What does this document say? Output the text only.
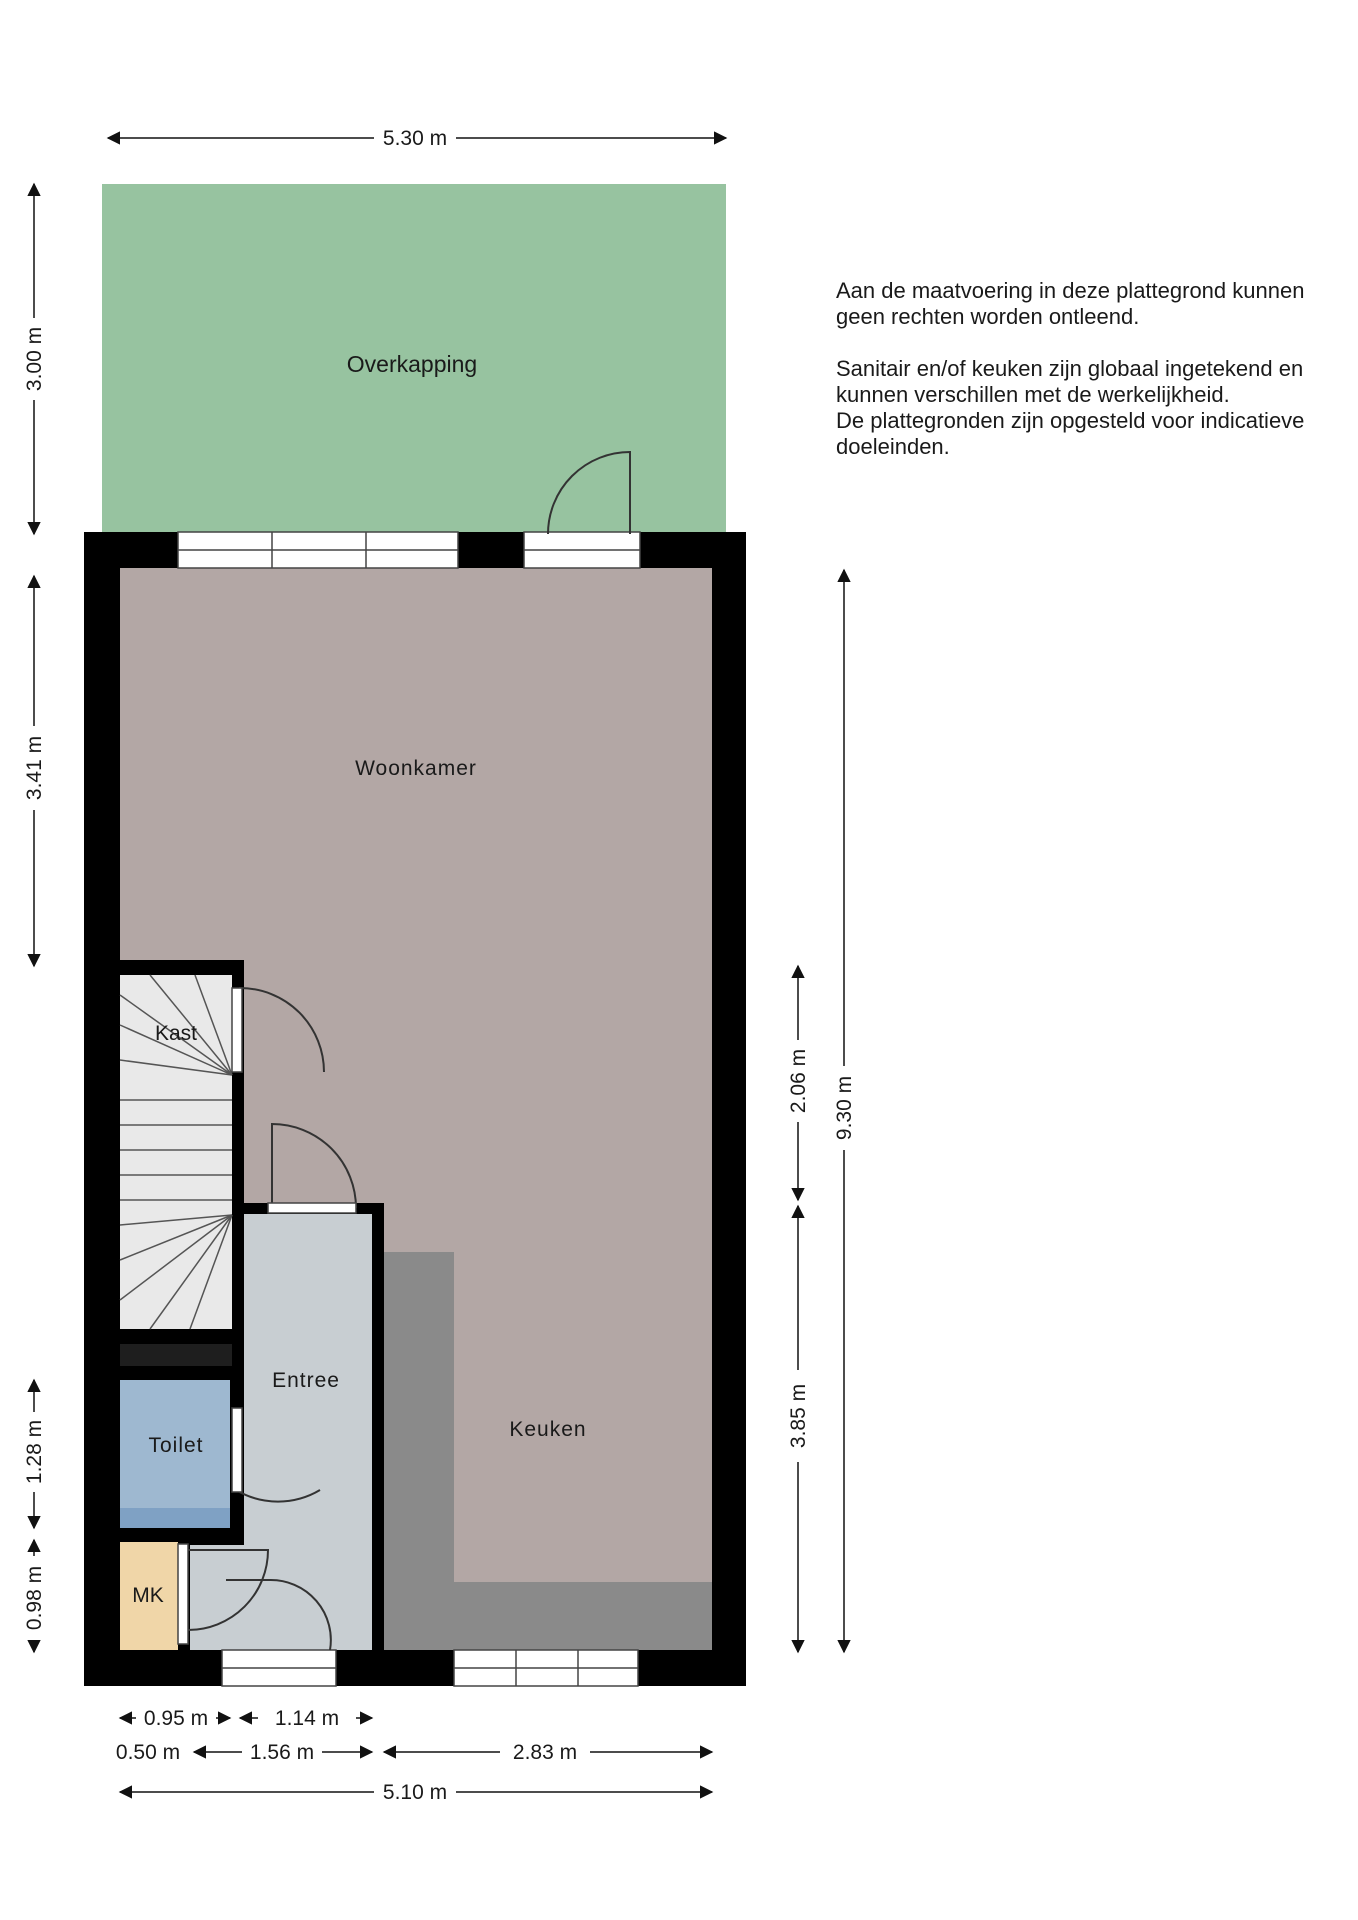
Overkapping
Woonkamer
Kast
Entree
Toilet
Keuken
MK
5.30 m
3.00 m
3.41 m
1.28 m
0.98 m
2.06 m
3.85 m
9.30 m
0.95 m	1.14 m
0.50 m	1.56 m	2.83 m
5.10 m

Aan de maatvoering in deze plattegrond kunnen geen rechten worden ontleend.

Sanitair en/of keuken zijn globaal ingetekend en kunnen verschillen met de werkelijkheid.

De plattegronden zijn opgesteld voor indicatieve doeleinden.
